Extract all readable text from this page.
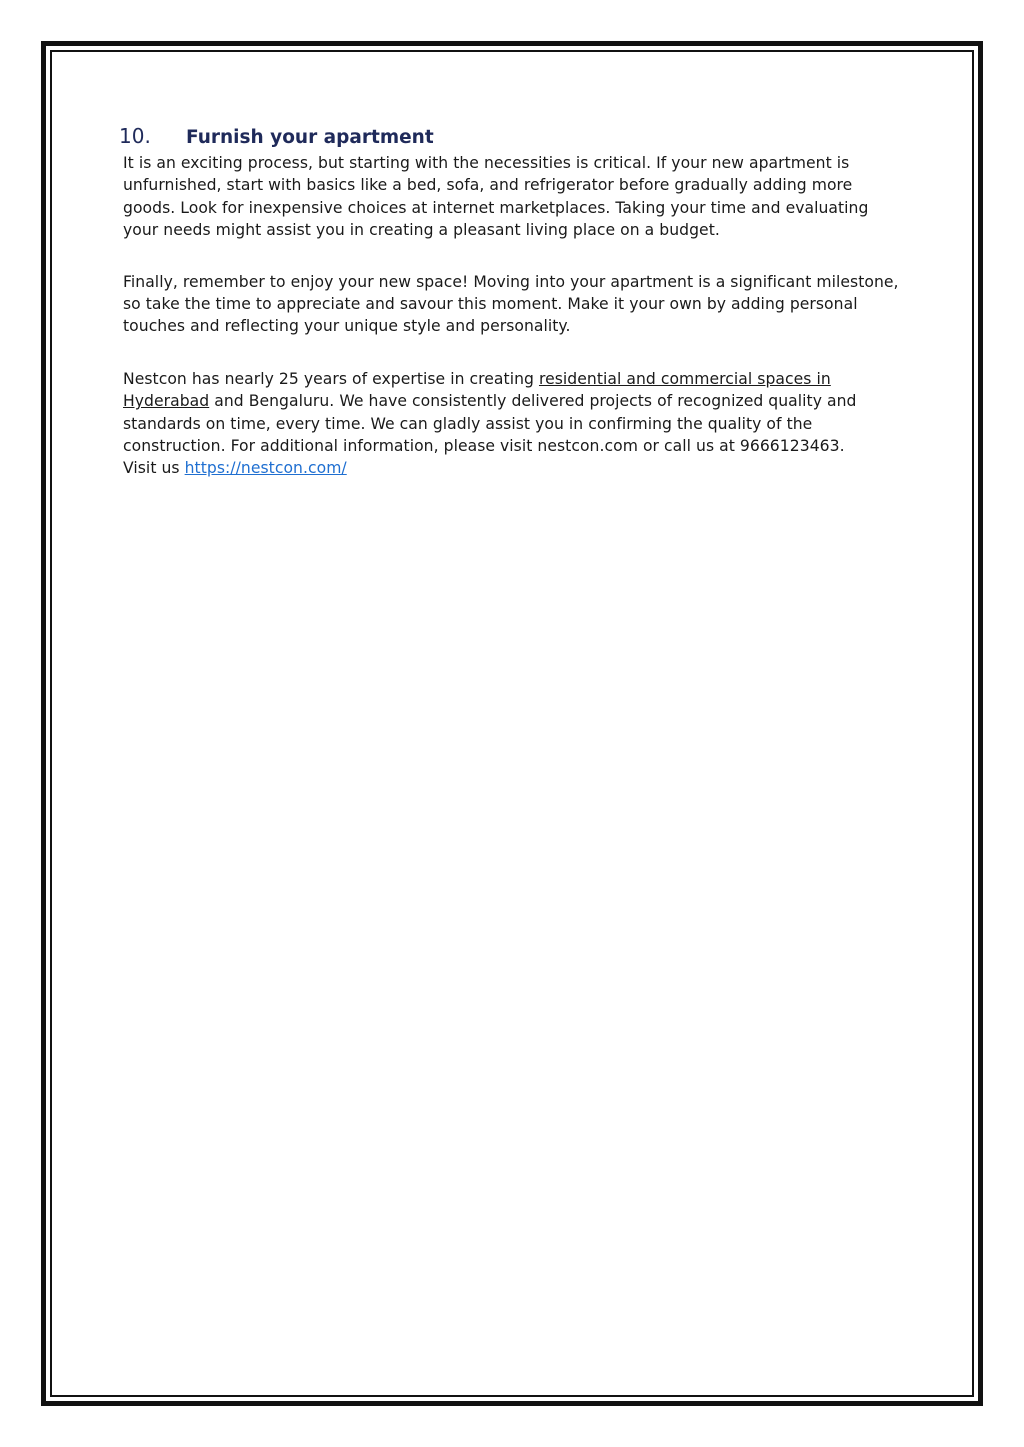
10.	Furnish your apartment

It is an exciting process, but starting with the necessities is critical. If your new apartment is unfurnished, start with basics like a bed, sofa, and refrigerator before gradually adding more goods. Look for inexpensive choices at internet marketplaces. Taking your time and evaluating your needs might assist you in creating a pleasant living place on a budget.

Finally, remember to enjoy your new space! Moving into your apartment is a significant milestone, so take the time to appreciate and savour this moment. Make it your own by adding personal touches and reflecting your unique style and personality.

Nestcon has nearly 25 years of expertise in creating residential and commercial spaces in Hyderabad and Bengaluru. We have consistently delivered projects of recognized quality and standards on time, every time. We can gladly assist you in confirming the quality of the construction. For additional information, please visit nestcon.com or call us at 9666123463.
Visit us https://nestcon.com/
